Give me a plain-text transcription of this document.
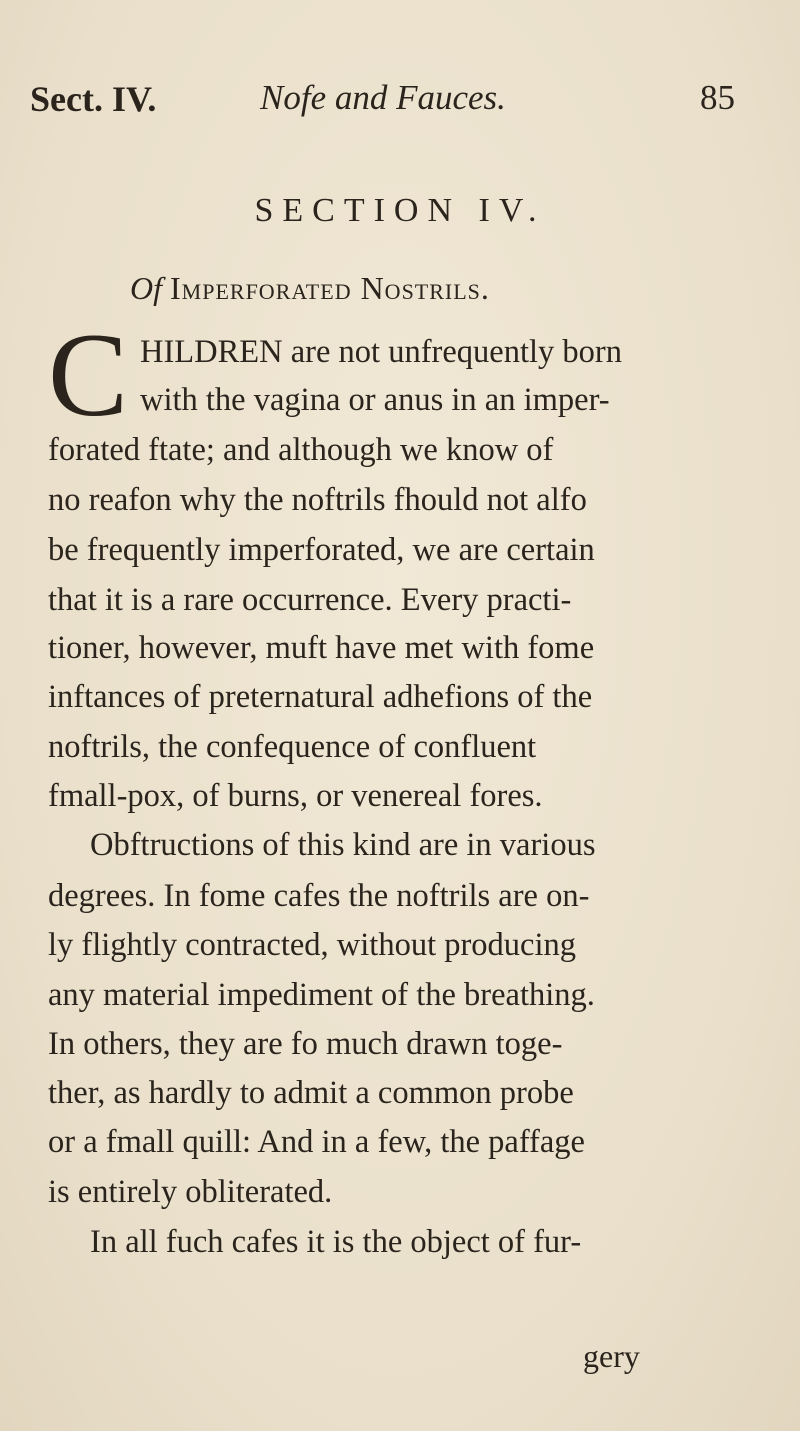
Sect. IV.	Nofe and Fauces.	85
SECTION IV.
Of Imperforated Nostrils.
C HILDREN are not unfrequently born
with the vagina or anus in an imper-
forated ftate; and although we know of
no reafon why the noftrils fhould not alfo
be frequently imperforated, we are certain
that it is a rare occurrence. Every practi-
tioner, however, muft have met with fome
inftances of preternatural adhefions of the
noftrils, the confequence of confluent
fmall-pox, of burns, or venereal fores.
Obftructions of this kind are in various
degrees. In fome cafes the noftrils are on-
ly flightly contracted, without producing
any material impediment of the breathing.
In others, they are fo much drawn toge-
ther, as hardly to admit a common probe
or a fmall quill: And in a few, the paffage
is entirely obliterated.
In all fuch cafes it is the object of fur-
gery
